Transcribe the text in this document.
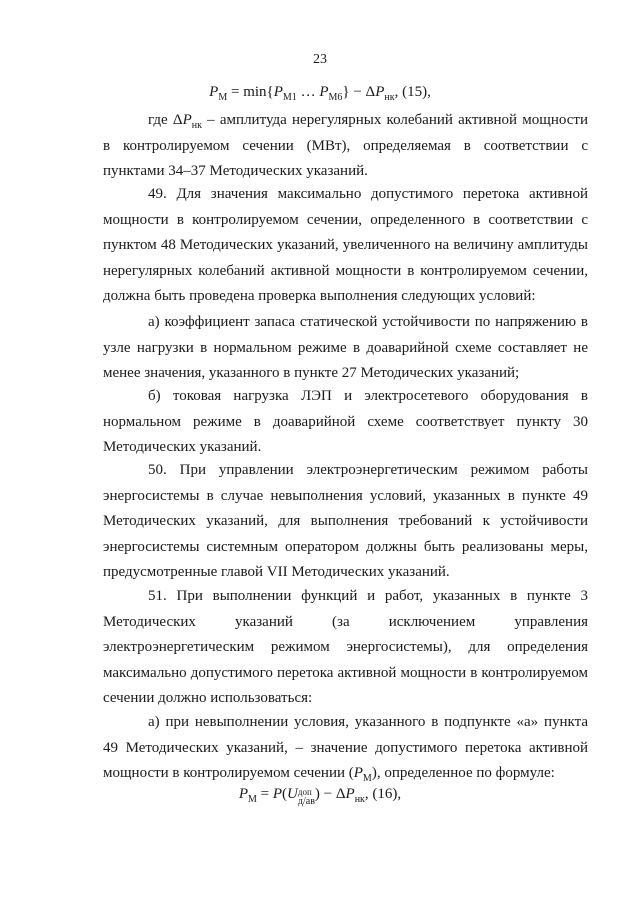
23
$P_М = \min\{P_{М1}$ … $P_{М6}\} - \Delta P_{нк}$, (15),
где $\Delta P_{нк}$ – амплитуда нерегулярных колебаний активной мощности в контролируемом сечении (МВт), определяемая в соответствии с пунктами 34–37 Методических указаний.
49. Для значения максимально допустимого перетока активной мощности в контролируемом сечении, определенного в соответствии с пунктом 48 Методических указаний, увеличенного на величину амплитуды нерегулярных колебаний активной мощности в контролируемом сечении, должна быть проведена проверка выполнения следующих условий:
а) коэффициент запаса статической устойчивости по напряжению в узле нагрузки в нормальном режиме в доаварийной схеме составляет не менее значения, указанного в пункте 27 Методических указаний;
б) токовая нагрузка ЛЭП и электросетевого оборудования в нормальном режиме в доаварийной схеме соответствует пункту 30 Методических указаний.
50. При управлении электроэнергетическим режимом работы энергосистемы в случае невыполнения условий, указанных в пункте 49 Методических указаний, для выполнения требований к устойчивости энергосистемы системным оператором должны быть реализованы меры, предусмотренные главой VII Методических указаний.
51. При выполнении функций и работ, указанных в пункте 3 Методических указаний (за исключением управления электроэнергетическим режимом энергосистемы), для определения максимально допустимого перетока активной мощности в контролируемом сечении должно использоваться:
а) при невыполнении условия, указанного в подпункте «а» пункта 49 Методических указаний, – значение допустимого перетока активной мощности в контролируемом сечении $(P_М)$, определенное по формуле:
$P_М = P(U$ доп
д/ав ) − $\Delta P_{нк}$, (16),
